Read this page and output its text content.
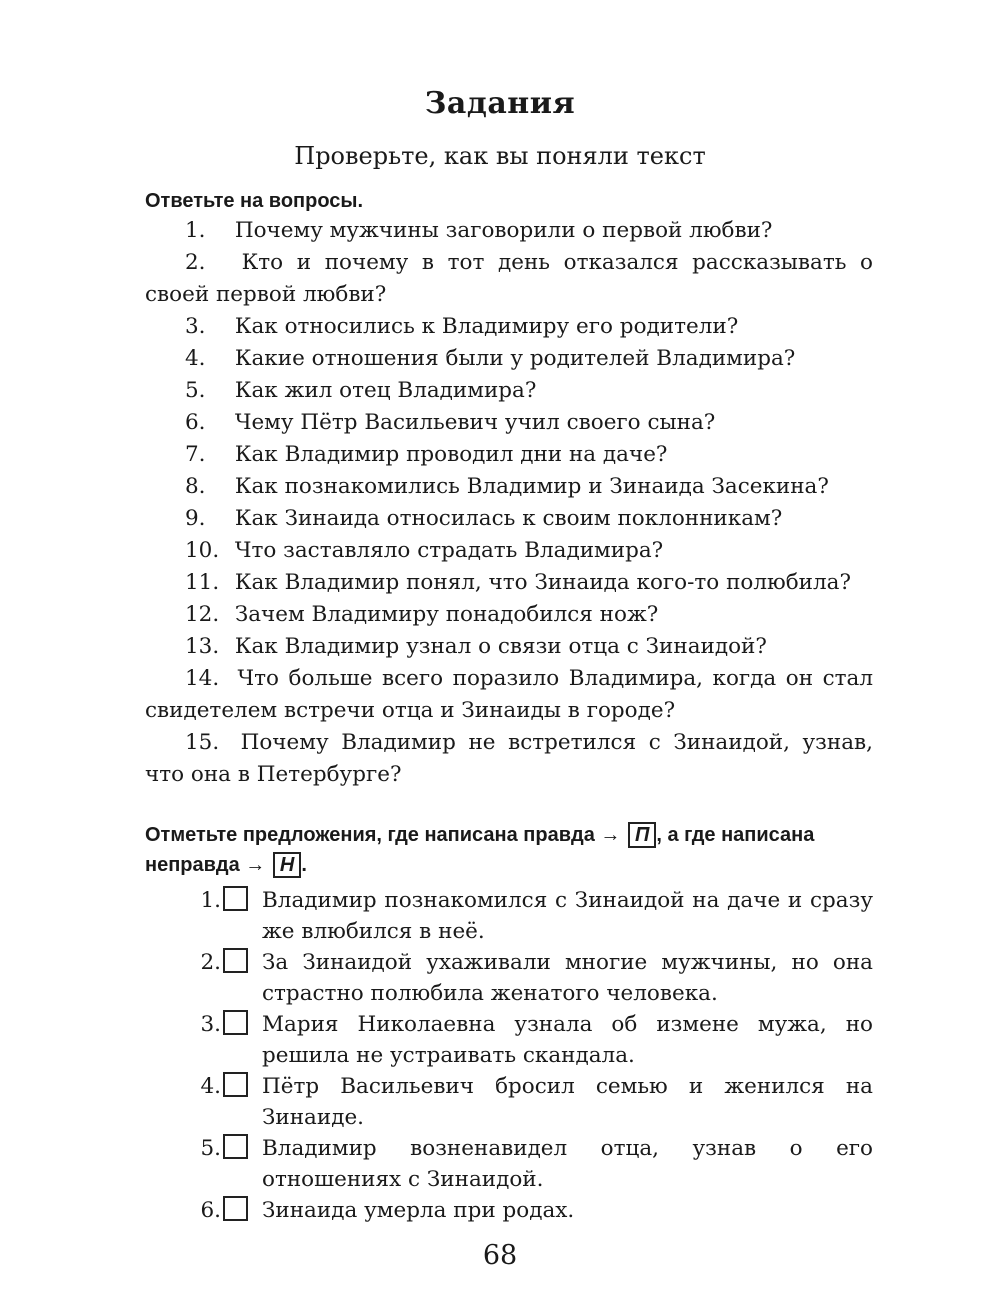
Задания
Проверьте, как вы поняли текст
Ответьте на вопросы.
1. Почему мужчины заговорили о первой любви?
2. Кто и почему в тот день отказался рассказывать о своей первой любви?
3. Как относились к Владимиру его родители?
4. Какие отношения были у родителей Владимира?
5. Как жил отец Владимира?
6. Чему Пётр Васильевич учил своего сына?
7. Как Владимир проводил дни на даче?
8. Как познакомились Владимир и Зинаида Засекина?
9. Как Зинаида относилась к своим поклонникам?
10. Что заставляло страдать Владимира?
11. Как Владимир понял, что Зинаида кого-то полюбила?
12. Зачем Владимиру понадобился нож?
13. Как Владимир узнал о связи отца с Зинаидой?
14. Что больше всего поразило Владимира, когда он стал свидетелем встречи отца и Зинаиды в городе?
15. Почему Владимир не встретился с Зинаидой, узнав, что она в Петербурге?
Отметьте предложения, где написана правда → П , а где написана неправда → Н .
1. Владимир познакомился с Зинаидой на даче и сразу же влюбился в неё.
2. За Зинаидой ухаживали многие мужчины, но она страстно полюбила женатого человека.
3. Мария Николаевна узнала об измене мужа, но решила не устраивать скандала.
4. Пётр Васильевич бросил семью и женился на Зинаиде.
5. Владимир возненавидел отца, узнав о его отношениях с Зинаидой.
6. Зинаида умерла при родах.
68
